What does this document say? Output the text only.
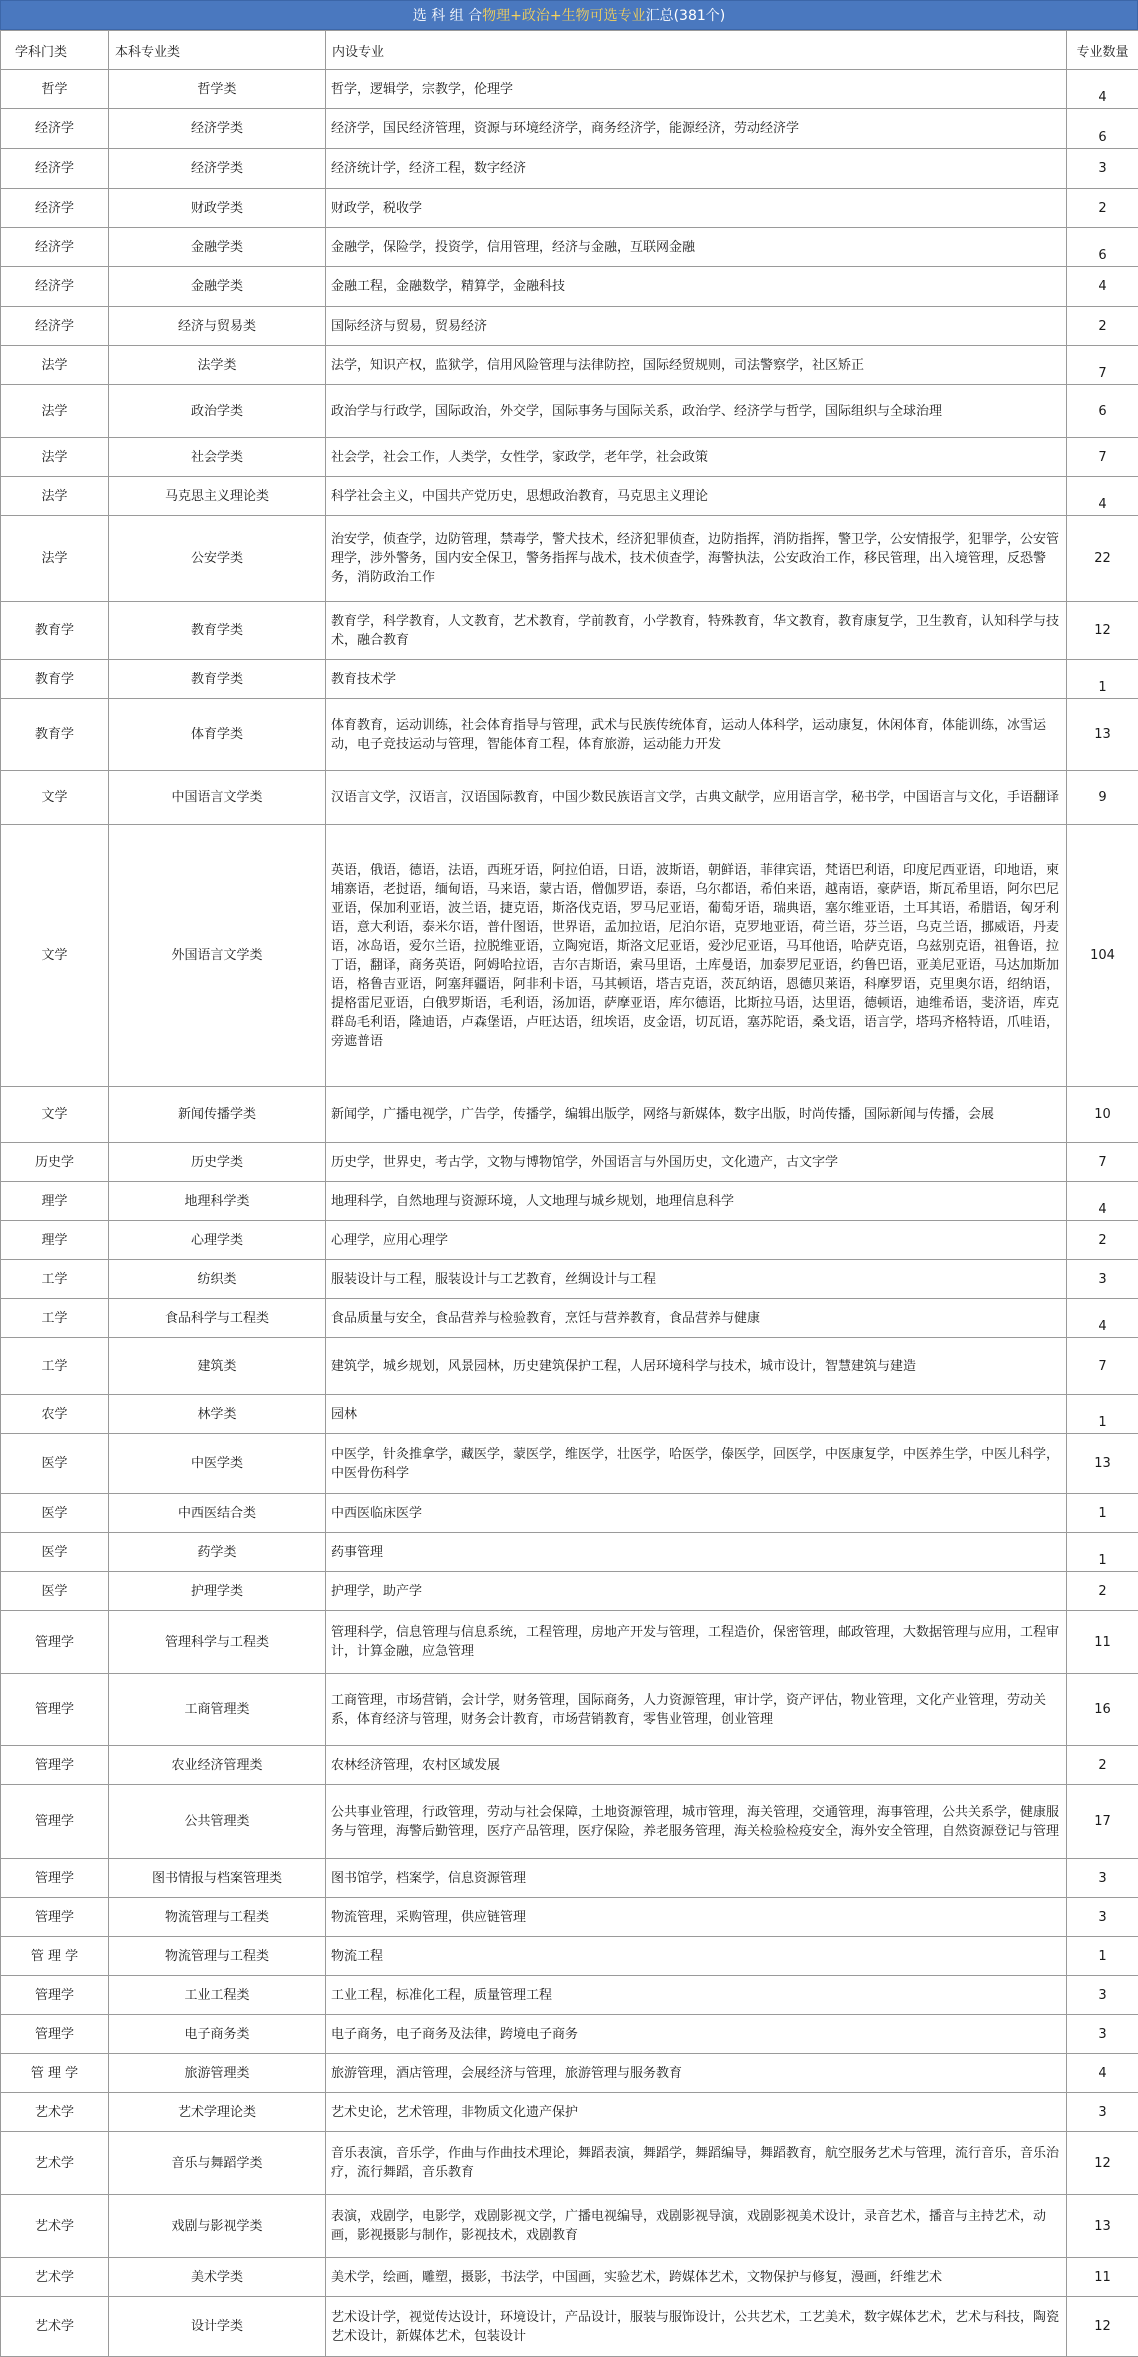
选 科 组 合 物理+政治+生物可选专业 汇总(381个)
学科门类	本科专业类	内设专业	专业数量
哲学	哲学类	哲学，逻辑学，宗教学，伦理学	4
经济学	经济学类	经济学，国民经济管理，资源与环境经济学，商务经济学，能源经济，劳动经济学	6
经济学	经济学类	经济统计学，经济工程，数字经济	3
经济学	财政学类	财政学，税收学	2
经济学	金融学类	金融学，保险学，投资学，信用管理，经济与金融，互联网金融	6
经济学	金融学类	金融工程，金融数学，精算学，金融科技	4
经济学	经济与贸易类	国际经济与贸易，贸易经济	2
法学	法学类	法学，知识产权，监狱学，信用风险管理与法律防控，国际经贸规则，司法警察学，社区矫正	7
法学	政治学类	政治学与行政学，国际政治，外交学，国际事务与国际关系，政治学、经济学与哲学，国际组织与全球治理	6
法学	社会学类	社会学，社会工作，人类学，女性学，家政学，老年学，社会政策	7
法学	马克思主义理论类	科学社会主义，中国共产党历史，思想政治教育，马克思主义理论	4
法学	公安学类	治安学，侦查学，边防管理，禁毒学，警犬技术，经济犯罪侦查，边防指挥，消防指挥，警卫学，公安情报学，犯罪学，公安管理学，涉外警务，国内安全保卫，警务指挥与战术，技术侦查学，海警执法，公安政治工作，移民管理，出入境管理，反恐警务，消防政治工作	22
教育学	教育学类	教育学，科学教育，人文教育，艺术教育，学前教育，小学教育，特殊教育，华文教育，教育康复学，卫生教育，认知科学与技术，融合教育	12
教育学	教育学类	教育技术学	1
教育学	体育学类	体育教育，运动训练，社会体育指导与管理，武术与民族传统体育，运动人体科学，运动康复，休闲体育，体能训练，冰雪运动，电子竞技运动与管理，智能体育工程，体育旅游，运动能力开发	13
文学	中国语言文学类	汉语言文学，汉语言，汉语国际教育，中国少数民族语言文学，古典文献学，应用语言学，秘书学，中国语言与文化，手语翻译	9
文学	外国语言文学类	英语，俄语，德语，法语，西班牙语，阿拉伯语，日语，波斯语，朝鲜语，菲律宾语，梵语巴利语，印度尼西亚语，印地语，柬埔寨语，老挝语，缅甸语，马来语，蒙古语，僧伽罗语，泰语，乌尔都语，希伯来语，越南语，豪萨语，斯瓦希里语，阿尔巴尼亚语，保加利亚语，波兰语，捷克语，斯洛伐克语，罗马尼亚语，葡萄牙语，瑞典语，塞尔维亚语，土耳其语，希腊语，匈牙利语，意大利语，泰米尔语，普什图语，世界语，孟加拉语，尼泊尔语，克罗地亚语，荷兰语，芬兰语，乌克兰语，挪威语，丹麦语，冰岛语，爱尔兰语，拉脱维亚语，立陶宛语，斯洛文尼亚语，爱沙尼亚语，马耳他语，哈萨克语，乌兹别克语，祖鲁语，拉丁语，翻译，商务英语，阿姆哈拉语，吉尔吉斯语，索马里语，土库曼语，加泰罗尼亚语，约鲁巴语，亚美尼亚语，马达加斯加语，格鲁吉亚语，阿塞拜疆语，阿非利卡语，马其顿语，塔吉克语，茨瓦纳语，恩德贝莱语，科摩罗语，克里奥尔语，绍纳语，提格雷尼亚语，白俄罗斯语，毛利语，汤加语，萨摩亚语，库尔德语，比斯拉马语，达里语，德顿语，迪维希语，斐济语，库克群岛毛利语，隆迪语，卢森堡语，卢旺达语，纽埃语，皮金语，切瓦语，塞苏陀语，桑戈语，语言学，塔玛齐格特语，爪哇语，旁遮普语	104
文学	新闻传播学类	新闻学，广播电视学，广告学，传播学，编辑出版学，网络与新媒体，数字出版，时尚传播，国际新闻与传播，会展	10
历史学	历史学类	历史学，世界史，考古学，文物与博物馆学，外国语言与外国历史，文化遗产，古文字学	7
理学	地理科学类	地理科学，自然地理与资源环境，人文地理与城乡规划，地理信息科学	4
理学	心理学类	心理学，应用心理学	2
工学	纺织类	服装设计与工程，服装设计与工艺教育，丝绸设计与工程	3
工学	食品科学与工程类	食品质量与安全，食品营养与检验教育，烹饪与营养教育，食品营养与健康	4
工学	建筑类	建筑学，城乡规划，风景园林，历史建筑保护工程，人居环境科学与技术，城市设计，智慧建筑与建造	7
农学	林学类	园林	1
医学	中医学类	中医学，针灸推拿学，藏医学，蒙医学，维医学，壮医学，哈医学，傣医学，回医学，中医康复学，中医养生学，中医儿科学，中医骨伤科学	13
医学	中西医结合类	中西医临床医学	1
医学	药学类	药事管理	1
医学	护理学类	护理学，助产学	2
管理学	管理科学与工程类	管理科学，信息管理与信息系统，工程管理，房地产开发与管理，工程造价，保密管理，邮政管理，大数据管理与应用，工程审计，计算金融，应急管理	11
管理学	工商管理类	工商管理，市场营销，会计学，财务管理，国际商务，人力资源管理，审计学，资产评估，物业管理，文化产业管理，劳动关系，体育经济与管理，财务会计教育，市场营销教育，零售业管理，创业管理	16
管理学	农业经济管理类	农林经济管理，农村区域发展	2
管理学	公共管理类	公共事业管理，行政管理，劳动与社会保障，土地资源管理，城市管理，海关管理，交通管理，海事管理，公共关系学，健康服务与管理，海警后勤管理，医疗产品管理，医疗保险，养老服务管理，海关检验检疫安全，海外安全管理，自然资源登记与管理	17
管理学	图书情报与档案管理类	图书馆学，档案学，信息资源管理	3
管理学	物流管理与工程类	物流管理，采购管理，供应链管理	3
管 理 学	物流管理与工程类	物流工程	1
管理学	工业工程类	工业工程，标准化工程，质量管理工程	3
管理学	电子商务类	电子商务，电子商务及法律，跨境电子商务	3
管 理 学	旅游管理类	旅游管理，酒店管理，会展经济与管理，旅游管理与服务教育	4
艺术学	艺术学理论类	艺术史论，艺术管理，非物质文化遗产保护	3
艺术学	音乐与舞蹈学类	音乐表演，音乐学，作曲与作曲技术理论，舞蹈表演，舞蹈学，舞蹈编导，舞蹈教育，航空服务艺术与管理，流行音乐，音乐治疗，流行舞蹈，音乐教育	12
艺术学	戏剧与影视学类	表演，戏剧学，电影学，戏剧影视文学，广播电视编导，戏剧影视导演，戏剧影视美术设计，录音艺术，播音与主持艺术，动画，影视摄影与制作，影视技术，戏剧教育	13
艺术学	美术学类	美术学，绘画，雕塑，摄影，书法学，中国画，实验艺术，跨媒体艺术，文物保护与修复，漫画，纤维艺术	11
艺术学	设计学类	艺术设计学，视觉传达设计，环境设计，产品设计，服装与服饰设计，公共艺术，工艺美术，数字媒体艺术，艺术与科技，陶瓷艺术设计，新媒体艺术，包装设计	12
